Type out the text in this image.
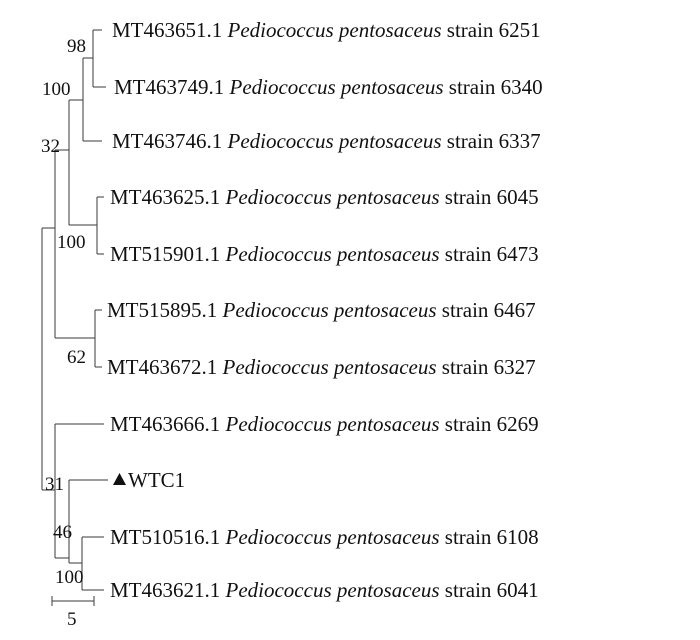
98
100
32
100
62
31
46
100
MT463651.1 Pediococcus pentosaceus strain 6251
MT463749.1 Pediococcus pentosaceus strain 6340
MT463746.1 Pediococcus pentosaceus strain 6337
MT463625.1 Pediococcus pentosaceus strain 6045
MT515901.1 Pediococcus pentosaceus strain 6473
MT515895.1 Pediococcus pentosaceus strain 6467
MT463672.1 Pediococcus pentosaceus strain 6327
MT463666.1 Pediococcus pentosaceus strain 6269
WTC1
MT510516.1 Pediococcus pentosaceus strain 6108
MT463621.1 Pediococcus pentosaceus strain 6041
5
